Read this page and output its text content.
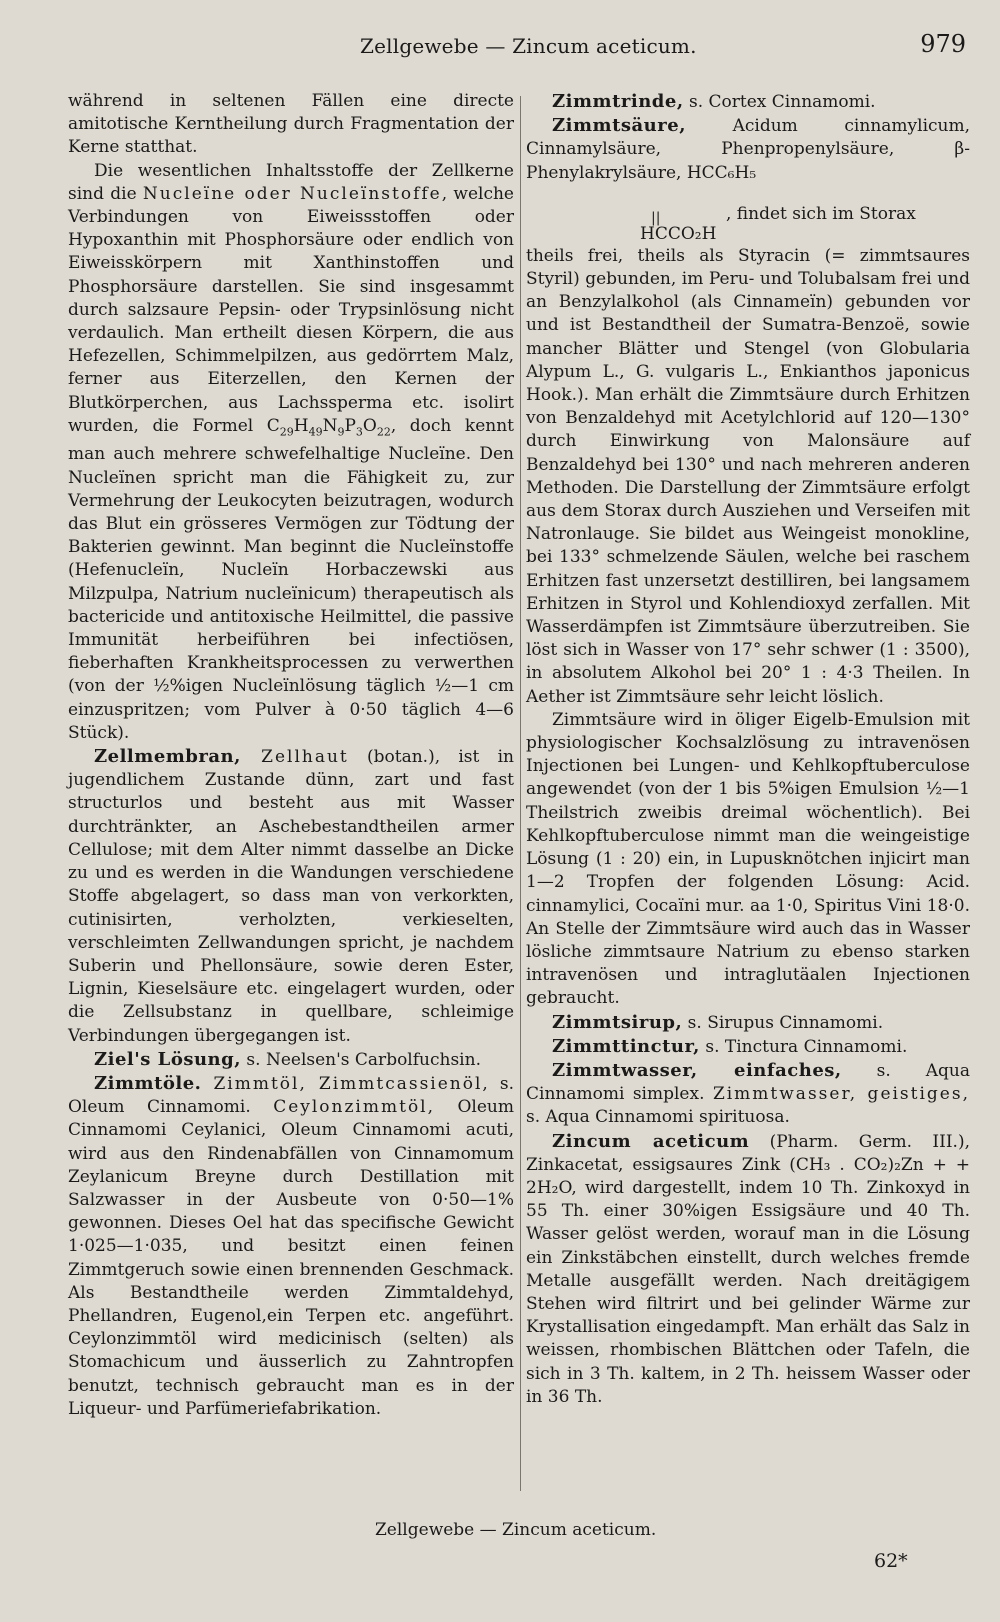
Zellgewebe — Zincum aceticum.	979

während in seltenen Fällen eine directe amitotische Kerntheilung durch Fragmentation der Kerne statthat.

Die wesentlichen Inhaltsstoffe der Zellkerne sind die Nucleïne oder Nucleïnstoffe, welche Verbindungen von Eiweissstoffen oder Hypoxanthin mit Phosphorsäure oder endlich von Eiweisskörpern mit Xanthinstoffen und Phosphorsäure darstellen. Sie sind insgesammt durch salzsaure Pepsin- oder Trypsinlösung nicht verdaulich. Man ertheilt diesen Körpern, die aus Hefezellen, Schimmelpilzen, aus gedörrtem Malz, ferner aus Eiterzellen, den Kernen der Blutkörperchen, aus Lachssperma etc. isolirt wurden, die Formel $C_{29}H_{49}N_9P_3O_{22}$, doch kennt man auch mehrere schwefelhaltige Nucleïne. Den Nucleïnen spricht man die Fähigkeit zu, zur Vermehrung der Leukocyten beizutragen, wodurch das Blut ein grösseres Vermögen zur Tödtung der Bakterien gewinnt. Man beginnt die Nucleïnstoffe (Hefenucleïn, Nucleïn Horbaczewski aus Milzpulpa, Natrium nucleïnicum) therapeutisch als bactericide und antitoxische Heilmittel, die passive Immunität herbeiführen bei infectiösen, fieberhaften Krankheitsprocessen zu verwerthen (von der ½%igen Nucleïnlösung täglich ½—1 cm einzuspritzen; vom Pulver à 0·50 täglich 4—6 Stück).

Zellmembran, Zellhaut (botan.), ist in jugendlichem Zustande dünn, zart und fast structurlos und besteht aus mit Wasser durchtränkter, an Aschebestandtheilen armer Cellulose; mit dem Alter nimmt dasselbe an Dicke zu und es werden in die Wandungen verschiedene Stoffe abgelagert, so dass man von verkorkten, cutinisirten, verholzten, verkieselten, verschleimten Zellwandungen spricht, je nachdem Suberin und Phellonsäure, sowie deren Ester, Lignin, Kieselsäure etc. eingelagert wurden, oder die Zellsubstanz in quellbare, schleimige Verbindungen übergegangen ist.

Ziel's Lösung, s. Neelsen's Carbolfuchsin.

Zimmtöle. Zimmtöl, Zimmtcassienöl, s. Oleum Cinnamomi. Ceylonzimmtöl, Oleum Cinnamomi Ceylanici, Oleum Cinnamomi acuti, wird aus den Rindenabfällen von Cinnamomum Zeylanicum Breyne durch Destillation mit Salzwasser in der Ausbeute von 0·50—1% gewonnen. Dieses Oel hat das specifische Gewicht 1·025—1·035, und besitzt einen feinen Zimmtgeruch sowie einen brennenden Geschmack. Als Bestandtheile werden Zimmtaldehyd, Phellandren, Eugenol,ein Terpen etc. angeführt. Ceylonzimmtöl wird medicinisch (selten) als Stomachicum und äusserlich zu Zahntropfen benutzt, technisch gebraucht man es in der Liqueur- und Parfümeriefabrikation.

Zimmtrinde, s. Cortex Cinnamomi.

Zimmtsäure, Acidum cinnamylicum, Cinnamylsäure, Phenpropenylsäure, β-Phenylakrylsäure, HCC₆H₅

||	, findet sich im Storax
HCCO₂H

theils frei, theils als Styracin (= zimmtsaures Styril) gebunden, im Peru- und Tolubalsam frei und an Benzylalkohol (als Cinnameïn) gebunden vor und ist Bestandtheil der Sumatra-Benzoë, sowie mancher Blätter und Stengel (von Globularia Alypum L., G. vulgaris L., Enkianthos japonicus Hook.). Man erhält die Zimmtsäure durch Erhitzen von Benzaldehyd mit Acetylchlorid auf 120—130° durch Einwirkung von Malonsäure auf Benzaldehyd bei 130° und nach mehreren anderen Methoden. Die Darstellung der Zimmtsäure erfolgt aus dem Storax durch Ausziehen und Verseifen mit Natronlauge. Sie bildet aus Weingeist monokline, bei 133° schmelzende Säulen, welche bei raschem Erhitzen fast unzersetzt destilliren, bei langsamem Erhitzen in Styrol und Kohlendioxyd zerfallen. Mit Wasserdämpfen ist Zimmtsäure überzutreiben. Sie löst sich in Wasser von 17° sehr schwer (1 : 3500), in absolutem Alkohol bei 20° 1 : 4·3 Theilen. In Aether ist Zimmtsäure sehr leicht löslich.

Zimmtsäure wird in öliger Eigelb-Emulsion mit physiologischer Kochsalzlösung zu intravenösen Injectionen bei Lungen- und Kehlkopftuberculose angewendet (von der 1 bis 5%igen Emulsion ½—1 Theilstrich zweibis dreimal wöchentlich). Bei Kehlkopftuberculose nimmt man die weingeistige Lösung (1 : 20) ein, in Lupusknötchen injicirt man 1—2 Tropfen der folgenden Lösung: Acid. cinnamylici, Cocaïni mur. aa 1·0, Spiritus Vini 18·0. An Stelle der Zimmtsäure wird auch das in Wasser lösliche zimmtsaure Natrium zu ebenso starken intravenösen und intraglutäalen Injectionen gebraucht.

Zimmtsirup, s. Sirupus Cinnamomi.

Zimmttinctur, s. Tinctura Cinnamomi.

Zimmtwasser, einfaches, s. Aqua Cinnamomi simplex. Zimmtwasser, geistiges, s. Aqua Cinnamomi spirituosa.

Zincum aceticum (Pharm. Germ. III.), Zinkacetat, essigsaures Zink (CH₃ . CO₂)₂Zn + + 2H₂O, wird dargestellt, indem 10 Th. Zinkoxyd in 55 Th. einer 30%igen Essigsäure und 40 Th. Wasser gelöst werden, worauf man in die Lösung ein Zinkstäbchen einstellt, durch welches fremde Metalle ausgefällt werden. Nach dreitägigem Stehen wird filtrirt und bei gelinder Wärme zur Krystallisation eingedampft. Man erhält das Salz in weissen, rhombischen Blättchen oder Tafeln, die sich in 3 Th. kaltem, in 2 Th. heissem Wasser oder in 36 Th.

Zellgewebe — Zincum aceticum.
62*
